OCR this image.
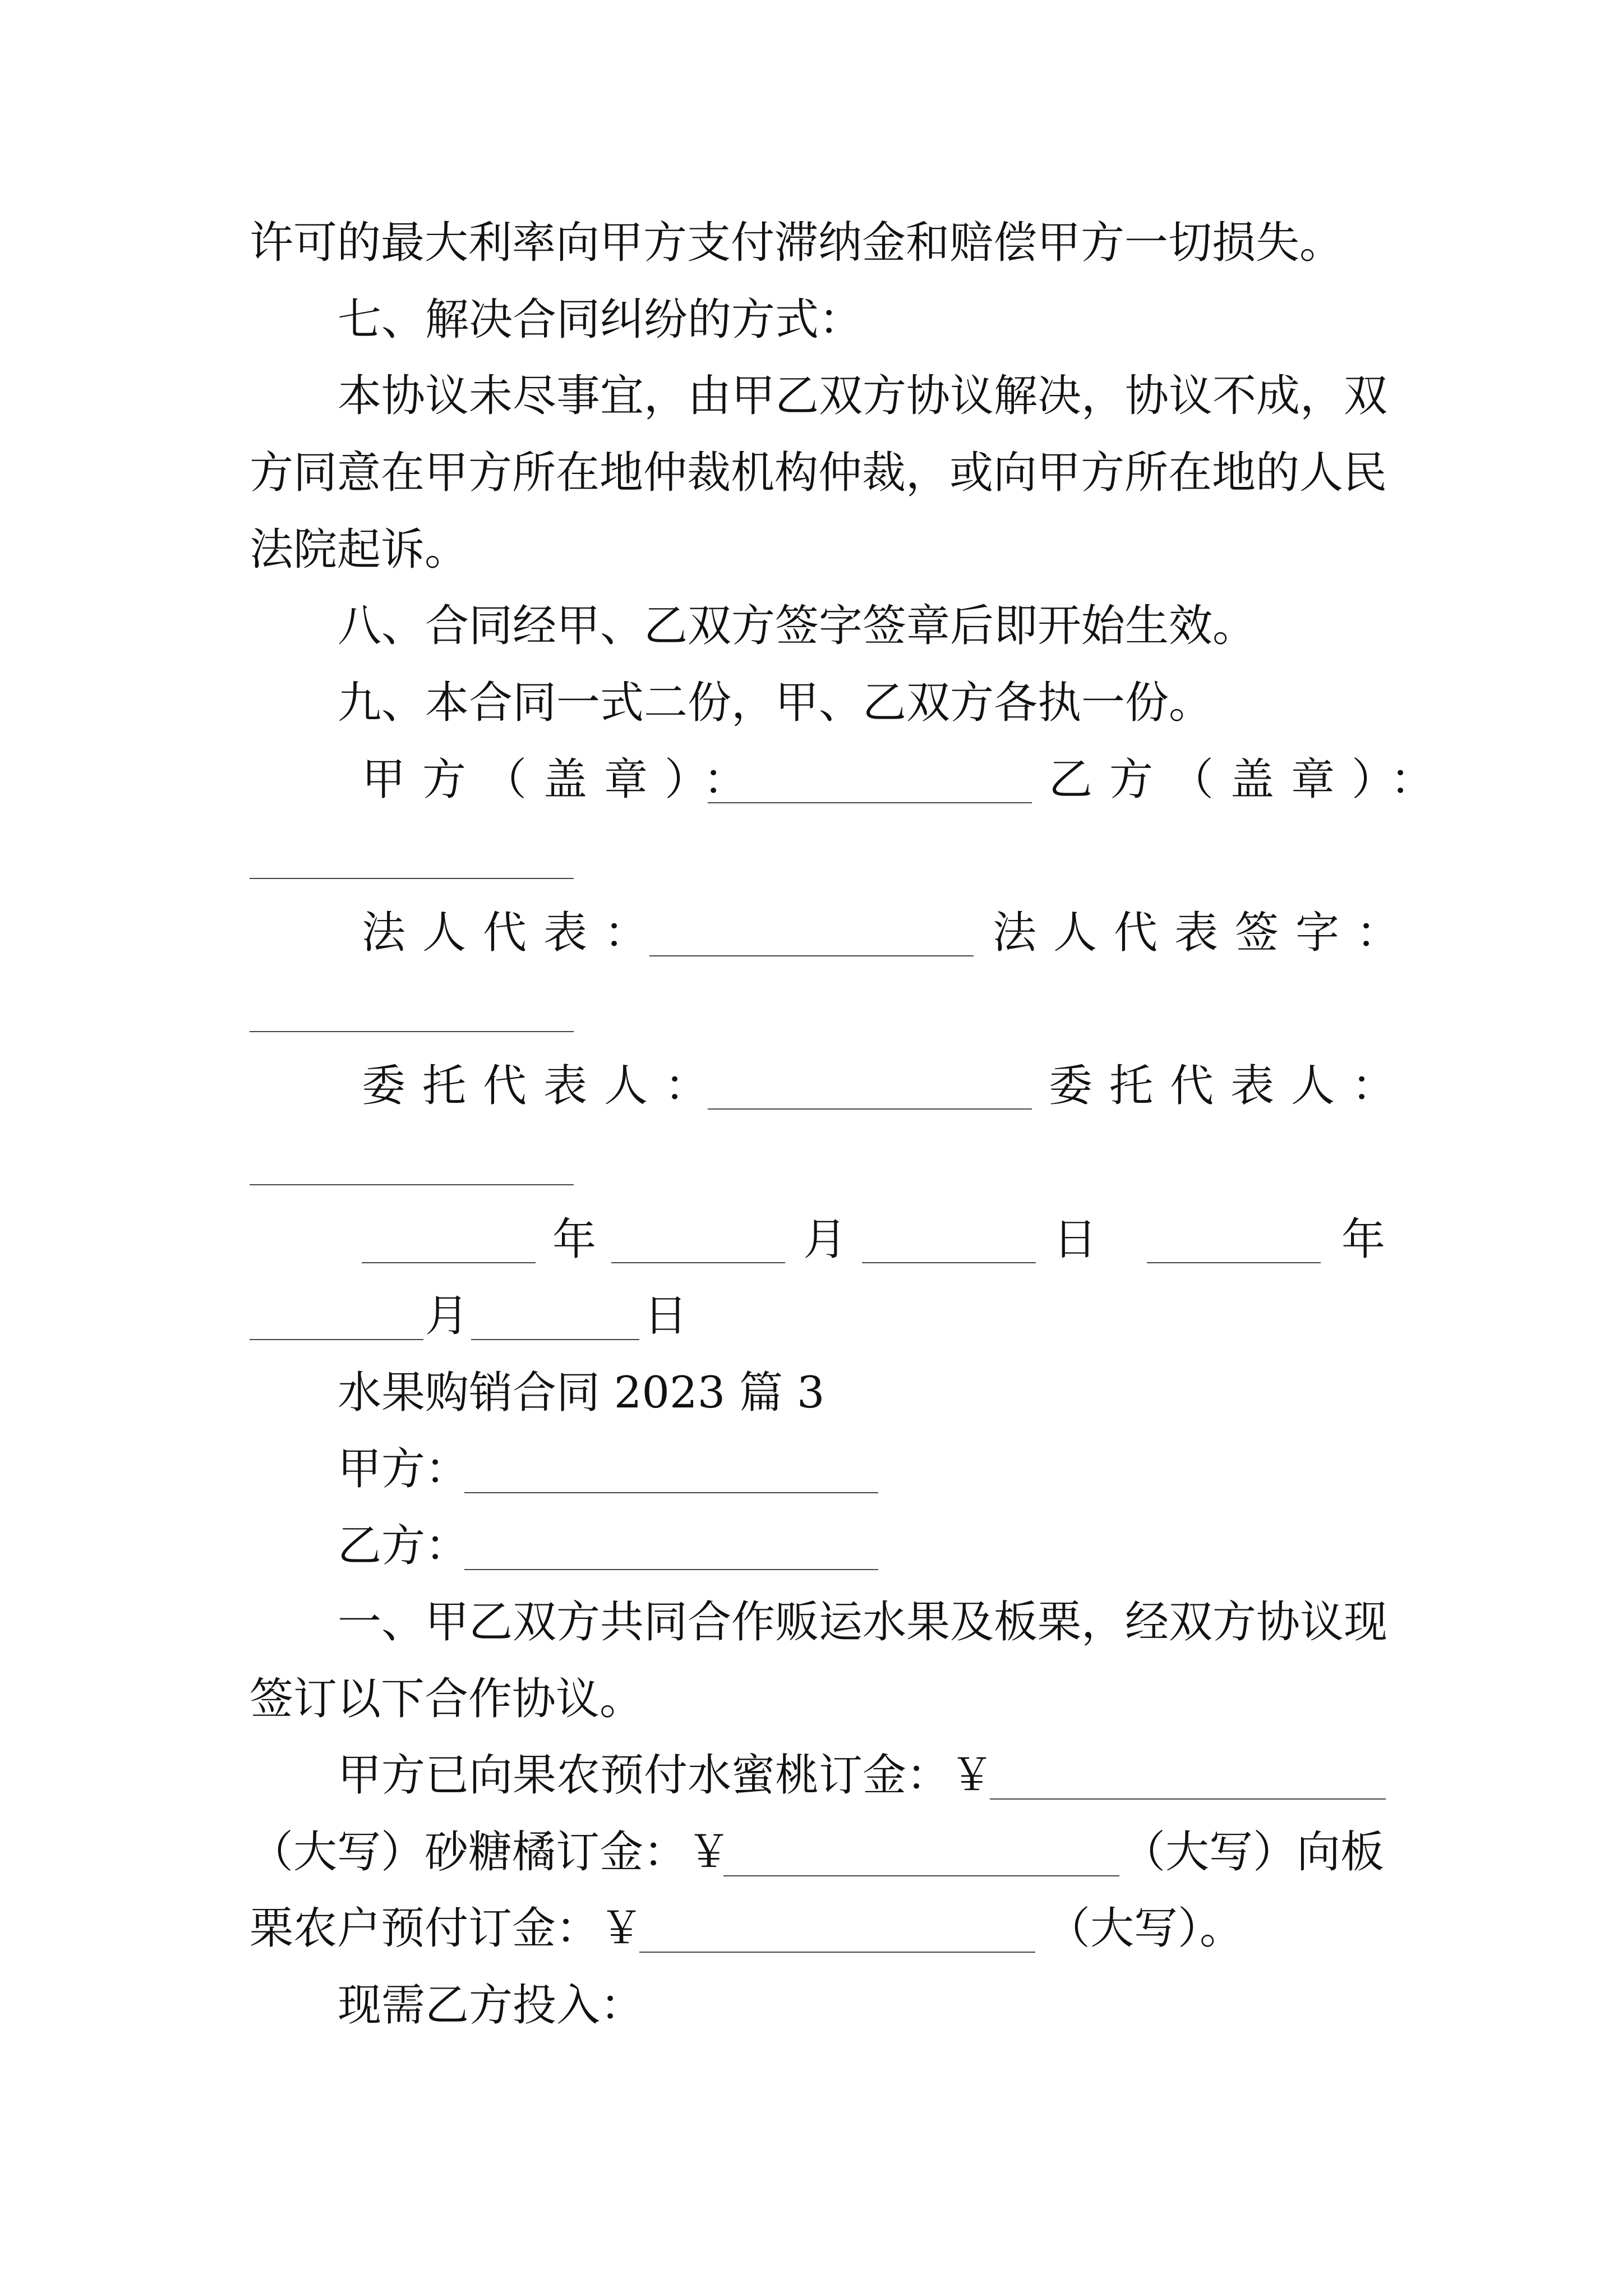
许可的最大利率向甲方支付滞纳金和赔偿甲方一切损失。
七、解决合同纠纷的方式：
本协议未尽事宜，由甲乙双方协议解决，协议不成，双
方同意在甲方所在地仲裁机构仲裁，或向甲方所在地的人民
法院起诉。
八、合同经甲、乙双方签字签章后即开始生效。
九、本合同一式二份，甲、乙双方各执一份。
甲方（盖章）：	乙方（盖章）：
法人代表：	法人代表签字：
委托代表人：	委托代表人：
年	月	日	年
月	日
水果购销合同 2023 篇 3
甲方：
乙方：
一、甲乙双方共同合作贩运水果及板栗，经双方协议现
签订以下合作协议。
甲方已向果农预付水蜜桃订金：￥
（大写）砂糖橘订金：￥	（大写）向板
栗农户预付订金：￥	（大写）。
现需乙方投入：
